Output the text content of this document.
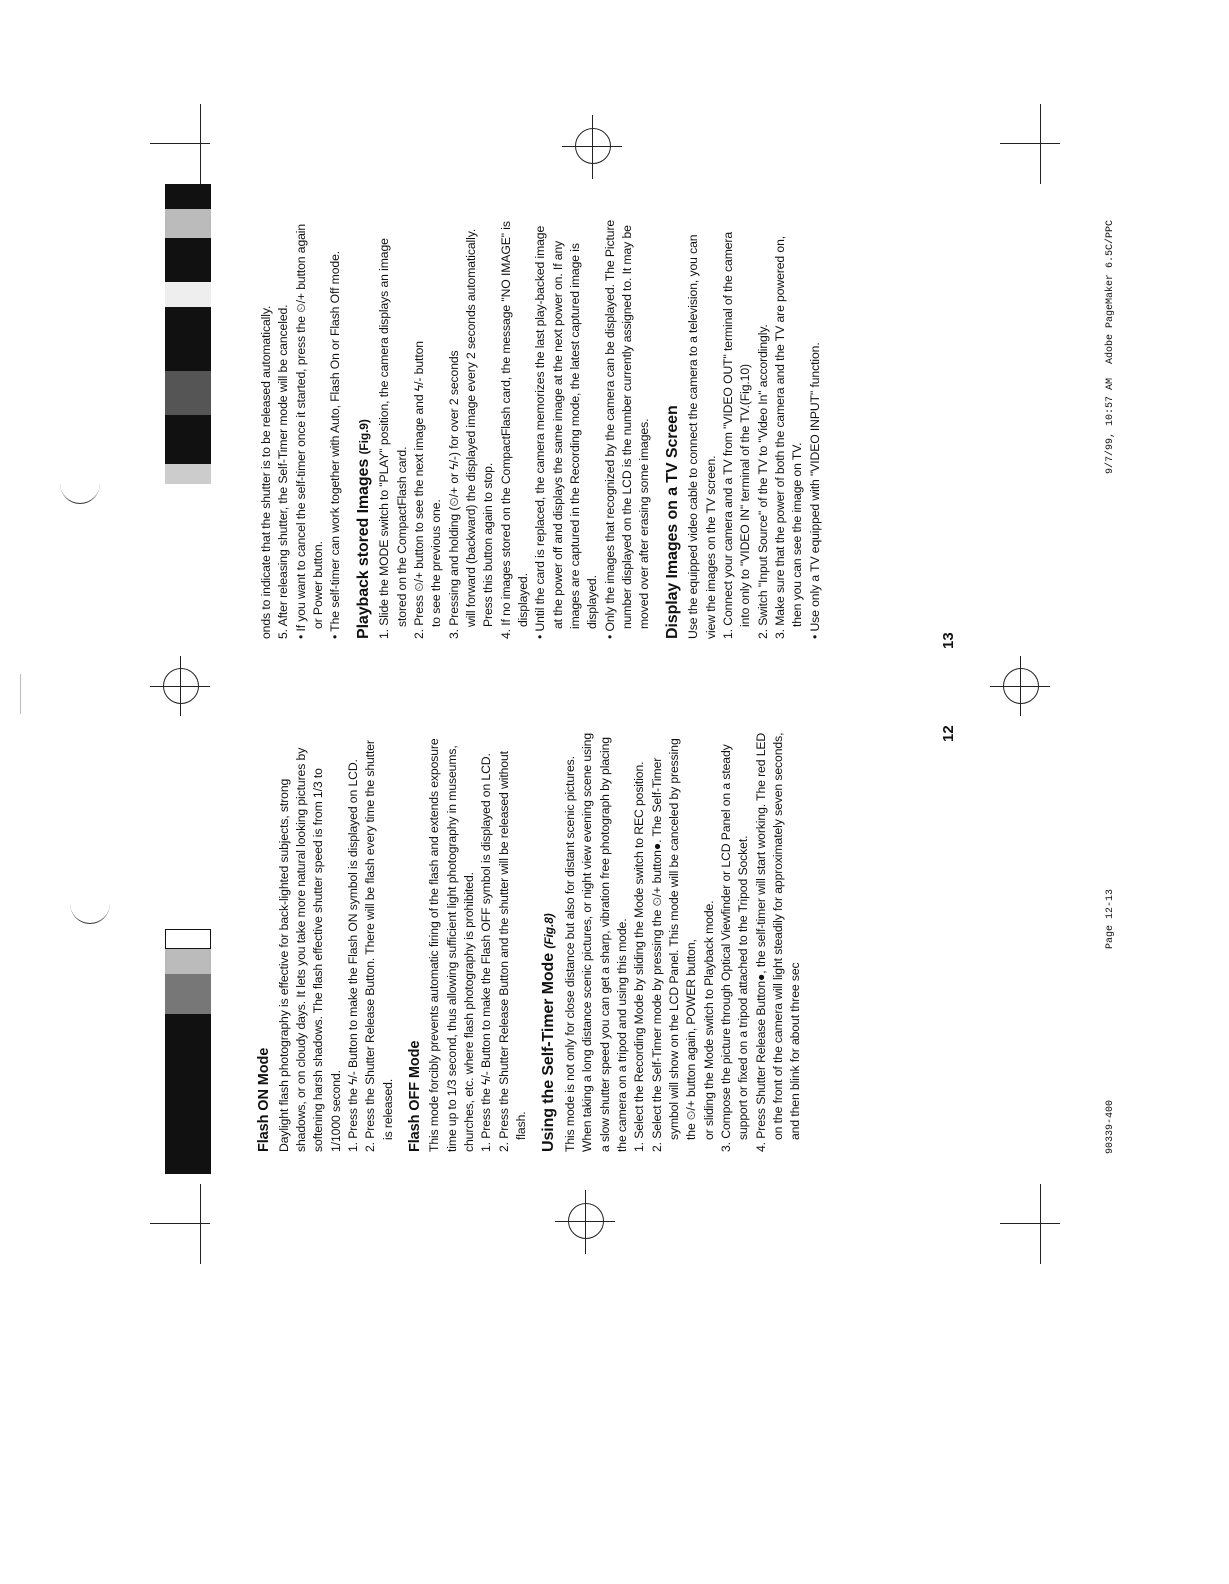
Flash ON Mode Daylight flash photography is effective for back-lighted subjects, strong shadows, or on cloudy days. It lets you take more natural looking pictures by softening harsh shadows. The flash effective shutter speed is from 1/3 to 1/1000 second. 1. Press the ϟ/- Button to make the Flash ON symbol is displayed on LCD. 2. Press the Shutter Release Button. There will be flash every time the shutter is released. Flash OFF Mode This mode forcibly prevents automatic firing of the flash and extends exposure time up to 1/3 second, thus allowing sufficient light photography in museums, churches, etc. where flash photography is prohibited. 1. Press the ϟ/- Button to make the Flash OFF symbol is displayed on LCD. 2. Press the Shutter Release Button and the shutter will be released without flash. Using the Self-Timer Mode (Fig.8) This mode is not only for close distance but also for distant scenic pictures. When taking a long distance scenic pictures, or night view evening scene using a slow shutter speed you can get a sharp, vibration free photograph by placing the camera on a tripod and using this mode. 1. Select the Recording Mode by sliding the Mode switch to REC position. 2. Select the Self-Timer mode by pressing the ⏲/+ button●. The Self-Timer symbol will show on the LCD Panel. This mode will be canceled by pressing the ⏲/+ button again, POWER button, or sliding the Mode switch to Playback mode. 3. Compose the picture through Optical Viewfinder or LCD Panel on a steady support or fixed on a tripod attached to the Tripod Socket. 4. Press Shutter Release Button●, the self-timer will start working. The red LED on the front of the camera will light steadily for approximately seven seconds, and then blink for about three sec

12

onds to indicate that the shutter is to be released automatically. 5. After releasing shutter, the Self-Timer mode will be canceled. • If you want to cancel the self-timer once it started, press the ⏲/+ button again or Power button. • The self-timer can work together with Auto, Flash On or Flash Off mode. Playback stored Images (Fig.9) 1. Slide the MODE switch to "PLAY" position, the camera displays an image stored on the CompactFlash card. 2. Press ⏲/+ button to see the next image and ϟ/- button to see the previous one. 3. Pressing and holding (⏲/+ or ϟ/-) for over 2 seconds will forward (backward) the displayed image every 2 seconds automatically. Press this button again to stop. 4. If no images stored on the CompactFlash card, the message "NO IMAGE" is displayed. • Until the card is replaced, the camera memorizes the last play-backed image at the power off and displays the same image at the next power on. If any images are captured in the Recording mode, the latest captured image is displayed. • Only the images that recognized by the camera can be displayed. The Picture number displayed on the LCD is the number currently assigned to. It may be moved over after erasing some images. Display Images on a TV Screen Use the equipped video cable to connect the camera to a television, you can view the images on the TV screen. 1. Connect your camera and a TV from "VIDEO OUT" terminal of the camera into only to "VIDEO IN" terminal of the TV.(Fig.10) 2. Switch "Input Source" of the TV to "Video In" accordingly. 3. Make sure that the power of both the camera and the TV are powered on, then you can see the image on TV. • Use only a TV equipped with "VIDEO INPUT" function.

13
90339-400
Page 12-13
9/7/99, 10:57 AM
Adobe PageMaker 6.5C/PPC
